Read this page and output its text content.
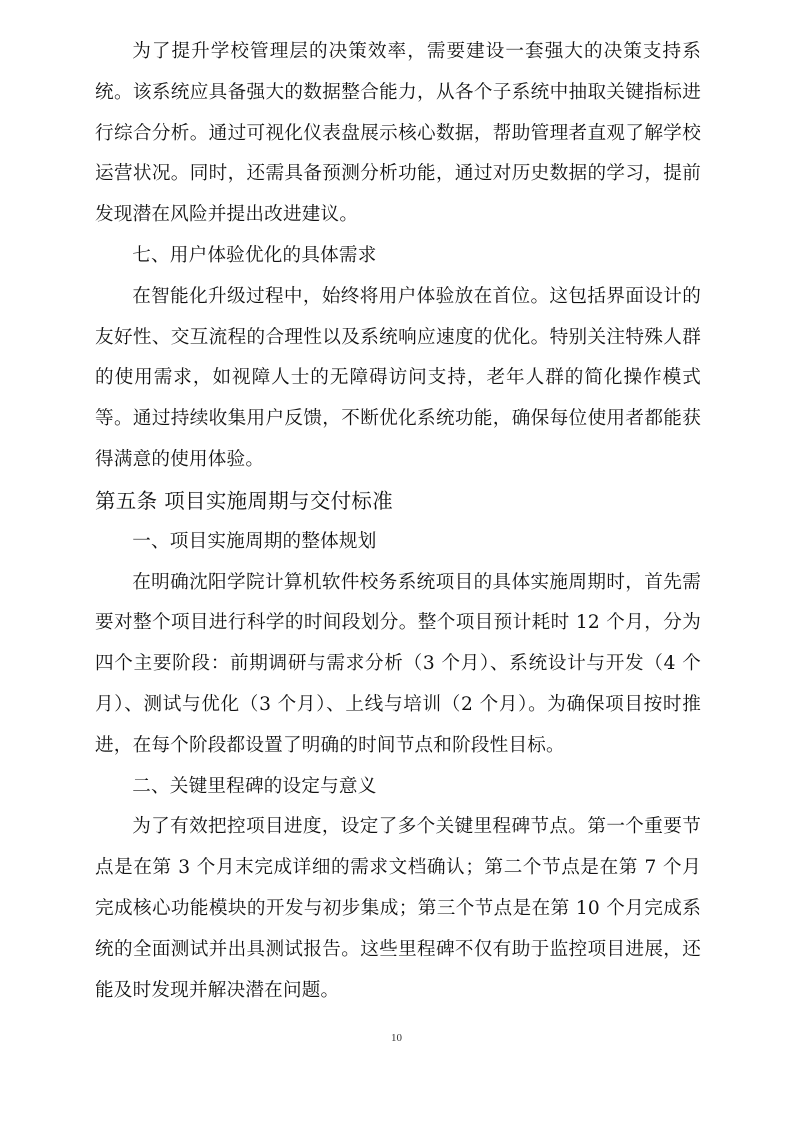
为了提升学校管理层的决策效率，需要建设一套强大的决策支持系统。该系统应具备强大的数据整合能力，从各个子系统中抽取关键指标进行综合分析。通过可视化仪表盘展示核心数据，帮助管理者直观了解学校运营状况。同时，还需具备预测分析功能，通过对历史数据的学习，提前发现潜在风险并提出改进建议。

七、用户体验优化的具体需求

在智能化升级过程中，始终将用户体验放在首位。这包括界面设计的友好性、交互流程的合理性以及系统响应速度的优化。特别关注特殊人群的使用需求，如视障人士的无障碍访问支持，老年人群的简化操作模式等。通过持续收集用户反馈，不断优化系统功能，确保每位使用者都能获得满意的使用体验。

第五条 项目实施周期与交付标准

一、项目实施周期的整体规划

在明确沈阳学院计算机软件校务系统项目的具体实施周期时，首先需要对整个项目进行科学的时间段划分。整个项目预计耗时 12 个月，分为四个主要阶段：前期调研与需求分析（3 个月）、系统设计与开发（4 个月）、测试与优化（3 个月）、上线与培训（2 个月）。为确保项目按时推进，在每个阶段都设置了明确的时间节点和阶段性目标。

二、关键里程碑的设定与意义

为了有效把控项目进度，设定了多个关键里程碑节点。第一个重要节点是在第 3 个月末完成详细的需求文档确认；第二个节点是在第 7 个月完成核心功能模块的开发与初步集成；第三个节点是在第 10 个月完成系统的全面测试并出具测试报告。这些里程碑不仅有助于监控项目进展，还能及时发现并解决潜在问题。

10
